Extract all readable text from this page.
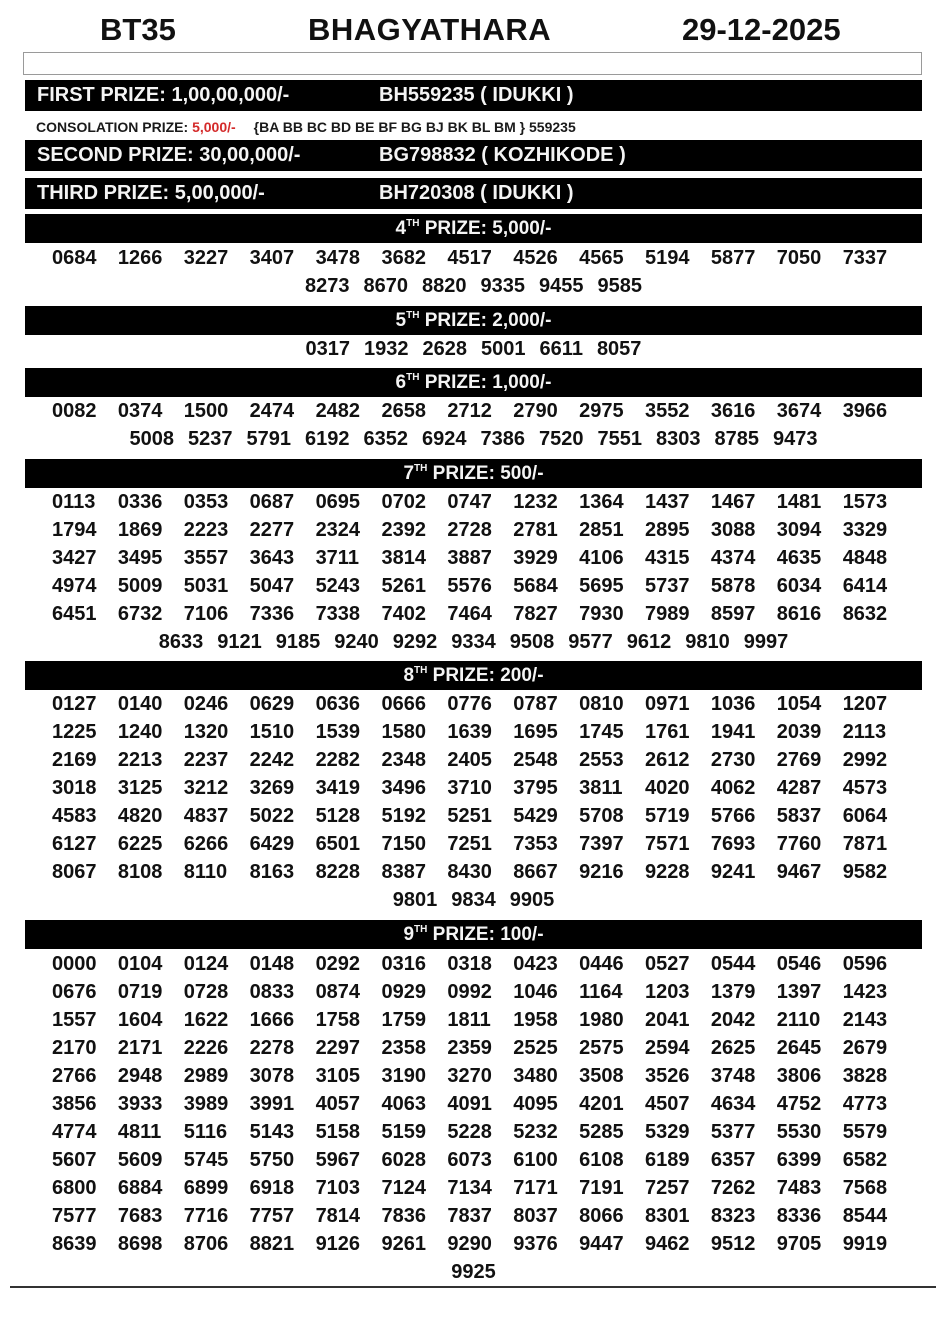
BT35	BHAGYATHARA	29-12-2025
FIRST PRIZE: 1,00,00,000/-	BH559235 ( IDUKKI )
CONSOLATION PRIZE: 5,000/- {BA BB BC BD BE BF BG BJ BK BL BM } 559235
SECOND PRIZE: 30,00,000/-	BG798832 ( KOZHIKODE )
THIRD PRIZE: 5,00,000/-	BH720308 ( IDUKKI )
4TH PRIZE: 5,000/-
0684	1266	3227	3407	3478	3682	4517	4526	4565	5194	5877	7050	7337
8273 8670 8820 9335 9455 9585
5TH PRIZE: 2,000/-
0317 1932 2628 5001 6611 8057
6TH PRIZE: 1,000/-
0082	0374	1500	2474	2482	2658	2712	2790	2975	3552	3616	3674	3966
5008 5237 5791 6192 6352 6924 7386 7520 7551 8303 8785 9473
7TH PRIZE: 500/-
0113	0336	0353	0687	0695	0702	0747	1232	1364	1437	1467	1481	1573
1794	1869	2223	2277	2324	2392	2728	2781	2851	2895	3088	3094	3329
3427	3495	3557	3643	3711	3814	3887	3929	4106	4315	4374	4635	4848
4974	5009	5031	5047	5243	5261	5576	5684	5695	5737	5878	6034	6414
6451	6732	7106	7336	7338	7402	7464	7827	7930	7989	8597	8616	8632
8633 9121 9185 9240 9292 9334 9508 9577 9612 9810 9997
8TH PRIZE: 200/-
0127	0140	0246	0629	0636	0666	0776	0787	0810	0971	1036	1054	1207
1225	1240	1320	1510	1539	1580	1639	1695	1745	1761	1941	2039	2113
2169	2213	2237	2242	2282	2348	2405	2548	2553	2612	2730	2769	2992
3018	3125	3212	3269	3419	3496	3710	3795	3811	4020	4062	4287	4573
4583	4820	4837	5022	5128	5192	5251	5429	5708	5719	5766	5837	6064
6127	6225	6266	6429	6501	7150	7251	7353	7397	7571	7693	7760	7871
8067	8108	8110	8163	8228	8387	8430	8667	9216	9228	9241	9467	9582
9801 9834 9905
9TH PRIZE: 100/-
0000	0104	0124	0148	0292	0316	0318	0423	0446	0527	0544	0546	0596
0676	0719	0728	0833	0874	0929	0992	1046	1164	1203	1379	1397	1423
1557	1604	1622	1666	1758	1759	1811	1958	1980	2041	2042	2110	2143
2170	2171	2226	2278	2297	2358	2359	2525	2575	2594	2625	2645	2679
2766	2948	2989	3078	3105	3190	3270	3480	3508	3526	3748	3806	3828
3856	3933	3989	3991	4057	4063	4091	4095	4201	4507	4634	4752	4773
4774	4811	5116	5143	5158	5159	5228	5232	5285	5329	5377	5530	5579
5607	5609	5745	5750	5967	6028	6073	6100	6108	6189	6357	6399	6582
6800	6884	6899	6918	7103	7124	7134	7171	7191	7257	7262	7483	7568
7577	7683	7716	7757	7814	7836	7837	8037	8066	8301	8323	8336	8544
8639	8698	8706	8821	9126	9261	9290	9376	9447	9462	9512	9705	9919
9925
